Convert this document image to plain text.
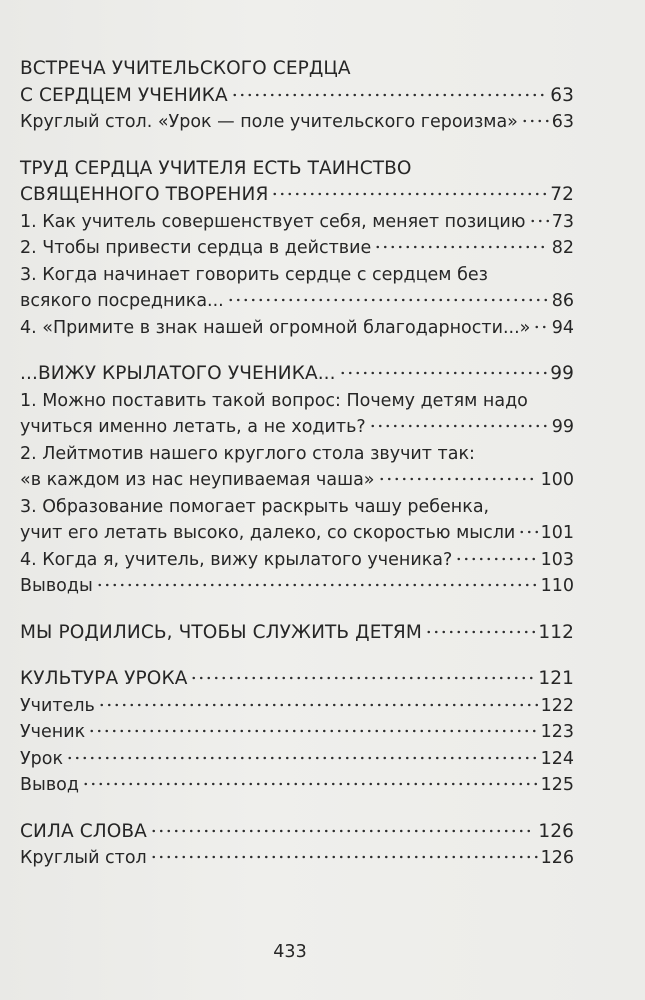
ВСТРЕЧА УЧИТЕЛЬСКОГО СЕРДЦА
С СЕРДЦЕМ УЧЕНИКА	63
Круглый стол. «Урок — поле учительского героизма» 63
ТРУД СЕРДЦА УЧИТЕЛЯ ЕСТЬ ТАИНСТВО
СВЯЩЕННОГО ТВОРЕНИЯ	72
1. Как учитель совершенствует себя, меняет позицию 73
2. Чтобы привести сердца в действие	82
3. Когда начинает говорить сердце с сердцем без
всякого посредника...	86
4. «Примите в знак нашей огромной благодарности...» 94
...ВИЖУ КРЫЛАТОГО УЧЕНИКА...	99
1. Можно поставить такой вопрос: Почему детям надо
учиться именно летать, а не ходить?	99
2. Лейтмотив нашего круглого стола звучит так:
«в каждом из нас неупиваемая чаша»	100
3. Образование помогает раскрыть чашу ребенка,
учит его летать высоко, далеко, со скоростью мысли 101
4. Когда я, учитель, вижу крылатого ученика?	103
Выводы	110
МЫ РОДИЛИСЬ, ЧТОБЫ СЛУЖИТЬ ДЕТЯМ	112
КУЛЬТУРА УРОКА	121
Учитель	122
Ученик	123
Урок	124
Вывод	125
СИЛА СЛОВА	126
Круглый стол	126
433
